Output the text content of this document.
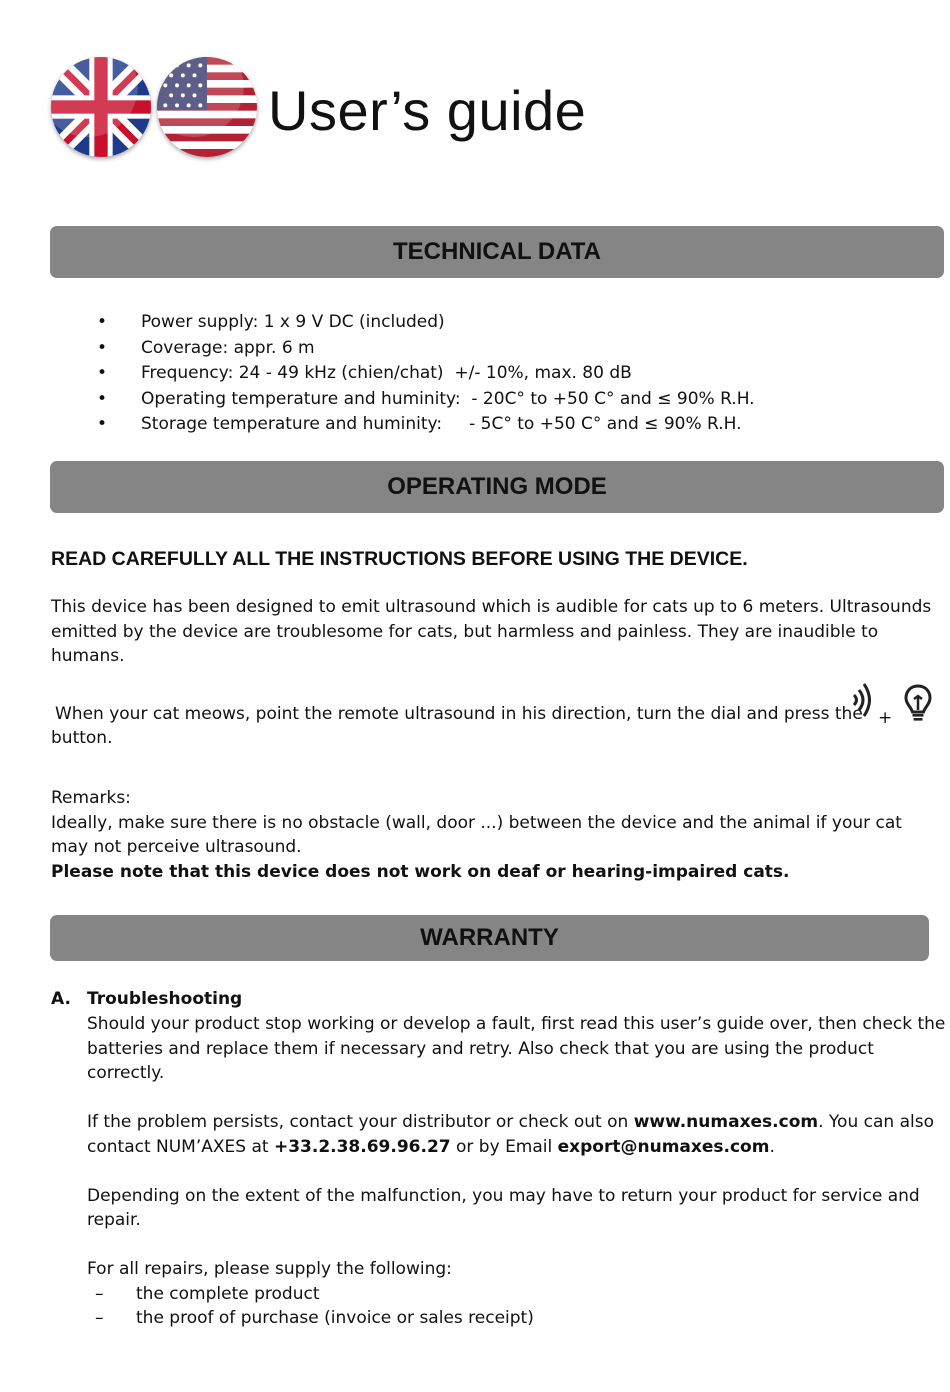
User’s guide
TECHNICAL DATA
• Power supply: 1 x 9 V DC (included)
• Coverage: appr. 6 m
• Frequency: 24 - 49 kHz (chien/chat)  +/- 10%, max. 80 dB
• Operating temperature and huminity:  - 20C° to +50 C° and ≤ 90% R.H.
• Storage temperature and huminity:     - 5C° to +50 C° and ≤ 90% R.H.
OPERATING MODE
READ CAREFULLY ALL THE INSTRUCTIONS BEFORE USING THE DEVICE.

This device has been designed to emit ultrasound which is audible for cats up to 6 meters. Ultrasounds emitted by the device are troublesome for cats, but harmless and painless. They are inaudible to humans.

When your cat meows, point the remote ultrasound in his direction, turn the dial and press the +
button.
Remarks:
Ideally, make sure there is no obstacle (wall, door ...) between the device and the animal if your cat may not perceive ultrasound.
Please note that this device does not work on deaf or hearing-impaired cats.
WARRANTY
A. Troubleshooting

Should your product stop working or develop a fault, first read this user’s guide over, then check the batteries and replace them if necessary and retry. Also check that you are using the product correctly.

If the problem persists, contact your distributor or check out on www.numaxes.com. You can also contact NUM’AXES at +33.2.38.69.96.27 or by Email export@numaxes.com.

Depending on the extent of the malfunction, you may have to return your product for service and repair.

For all repairs, please supply the following:

– the complete product
– the proof of purchase (invoice or sales receipt)
